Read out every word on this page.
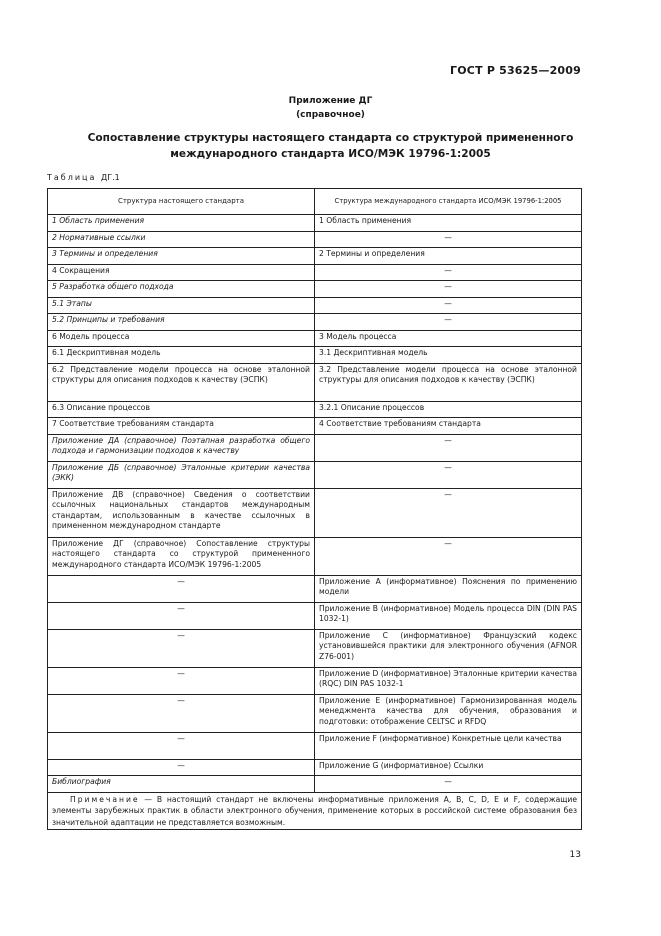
ГОСТ Р 53625—2009
Приложение ДГ
(справочное)
Сопоставление структуры настоящего стандарта со структурой примененного международного стандарта ИСО/МЭК 19796-1:2005
Таблица ДГ.1
Структура настоящего стандарта	Структура международного стандарта ИСО/МЭК 19796-1:2005
1 Область применения	1 Область применения
2 Нормативные ссылки	—
3 Термины и определения	2 Термины и определения
4 Сокращения	—
5 Разработка общего подхода	—
5.1 Этапы	—
5.2 Принципы и требования	—
6 Модель процесса	3 Модель процесса
6.1 Дескриптивная модель	3.1 Дескриптивная модель
6.2 Представление модели процесса на основе эталонной структуры для описания подходов к качеству (ЭСПК)	3.2 Представление модели процесса на основе эталонной структуры для описания подходов к качеству (ЭСПК)
6.3 Описание процессов	3.2.1 Описание процессов
7 Соответствие требованиям стандарта	4 Соответствие требованиям стандарта
Приложение ДА (справочное) Поэтапная разработка общего подхода и гармонизации подходов к качеству	—
Приложение ДБ (справочное) Эталонные критерии качества (ЭКК)	—
Приложение ДВ (справочное) Сведения о соответствии ссылочных национальных стандартов международным стандартам, использованным в качестве ссылочных в примененном международном стандарте	—
Приложение ДГ (справочное) Сопоставление структуры настоящего стандарта со структурой примененного международного стандарта ИСО/МЭК 19796-1:2005	—
—	Приложение А (информативное) Пояснения по применению модели
—	Приложение В (информативное) Модель процесса DIN (DIN PAS 1032-1)
—	Приложение С (информативное) Французский кодекс установившейся практики для электронного обучения (AFNOR Z76-001)
—	Приложение D (информативное) Эталонные критерии качества (RQC) DIN PAS 1032-1
—	Приложение Е (информативное) Гармонизированная модель менеджмента качества для обучения, образования и подготовки: отображение CELTSC и RFDQ
—	Приложение F (информативное) Конкретные цели качества
—	Приложение G (информативное) Ссылки
Библиография	—
Примечание — В настоящий стандарт не включены информативные приложения А, В, С, D, E и F, содержащие элементы зарубежных практик в области электронного обучения, применение которых в российской системе образования без значительной адаптации не представляется возможным.	
13
